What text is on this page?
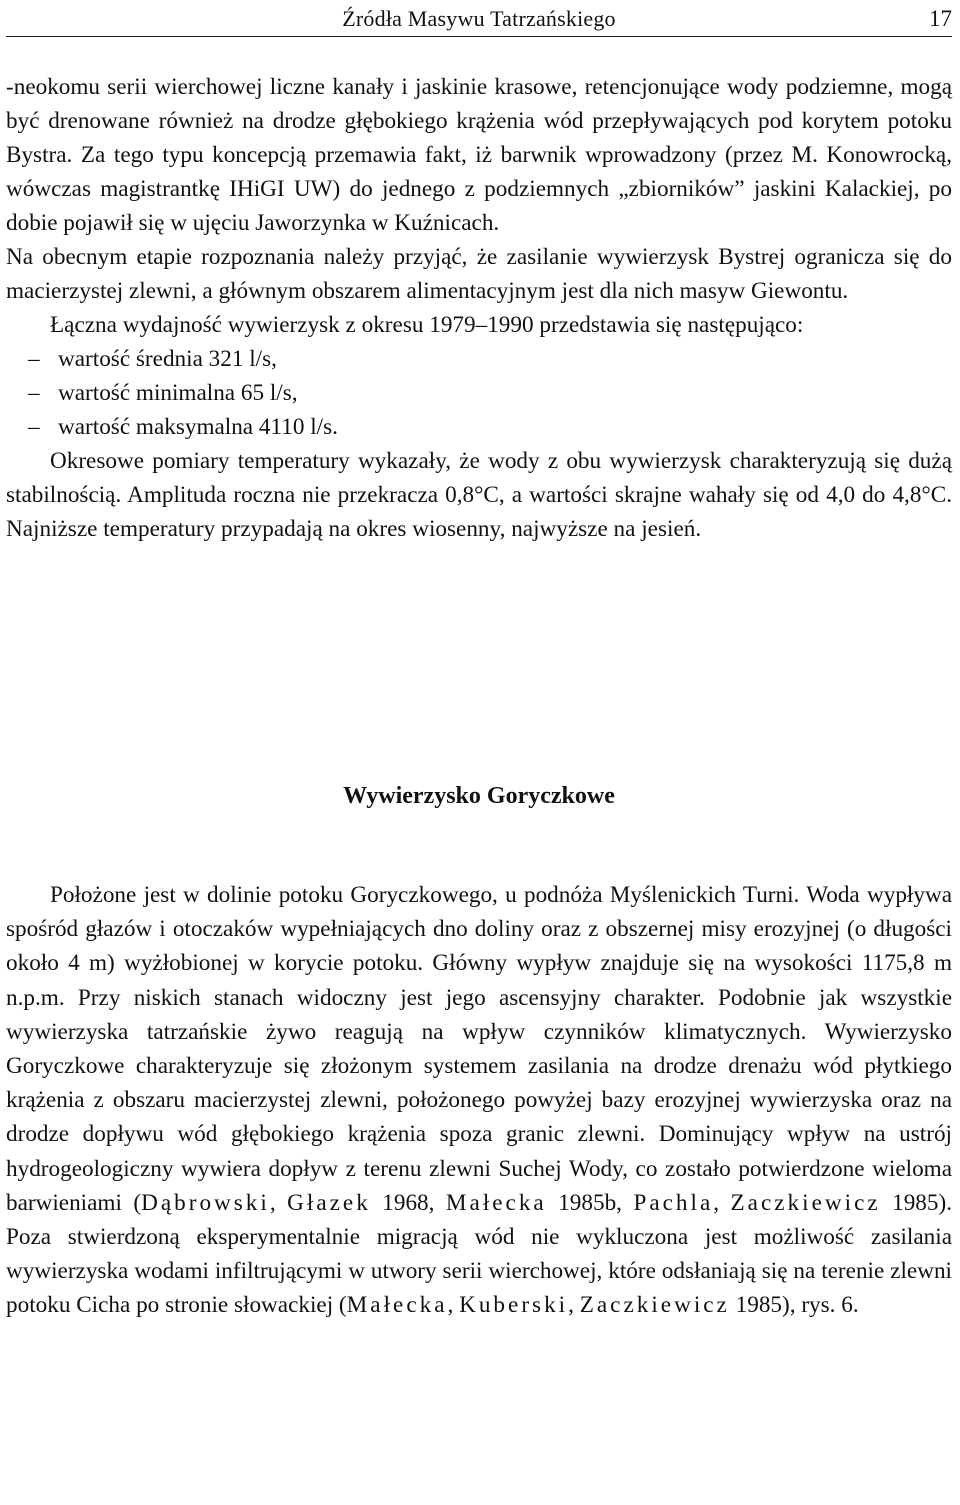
Źródła Masywu Tatrzańskiego	17

-neokomu serii wierchowej liczne kanały i jaskinie krasowe, retencjonujące wody podziemne, mogą być drenowane również na drodze głębokiego krążenia wód przepływających pod korytem potoku Bystra. Za tego typu koncepcją przemawia fakt, iż barwnik wprowadzony (przez M. Konowrocką, wówczas magistrantkę IHiGI UW) do jednego z podziemnych „zbiorników” jaskini Kalackiej, po dobie pojawił się w ujęciu Jaworzynka w Kuźnicach.

Na obecnym etapie rozpoznania należy przyjąć, że zasilanie wywierzysk Bystrej ogranicza się do macierzystej zlewni, a głównym obszarem alimentacyjnym jest dla nich masyw Giewontu.

Łączna wydajność wywierzysk z okresu 1979–1990 przedstawia się następująco:

– wartość średnia 321 l/s,
– wartość minimalna 65 l/s,
– wartość maksymalna 4110 l/s.

Okresowe pomiary temperatury wykazały, że wody z obu wywierzysk charakteryzują się dużą stabilnością. Amplituda roczna nie przekracza 0,8°C, a wartości skrajne wahały się od 4,0 do 4,8°C. Najniższe temperatury przypadają na okres wiosenny, najwyższe na jesień.

Wywierzysko Goryczkowe

Położone jest w dolinie potoku Goryczkowego, u podnóża Myślenickich Turni. Woda wypływa spośród głazów i otoczaków wypełniających dno doliny oraz z obszernej misy erozyjnej (o długości około 4 m) wyżłobionej w korycie potoku. Główny wypływ znajduje się na wysokości 1175,8 m n.p.m. Przy niskich stanach widoczny jest jego ascensyjny charakter. Podobnie jak wszystkie wywierzyska tatrzańskie żywo reagują na wpływ czynników klimatycznych. Wywierzysko Goryczkowe charakteryzuje się złożonym systemem zasilania na drodze drenażu wód płytkiego krążenia z obszaru macierzystej zlewni, położonego powyżej bazy erozyjnej wywierzyska oraz na drodze dopływu wód głębokiego krążenia spoza granic zlewni. Dominujący wpływ na ustrój hydrogeologiczny wywiera dopływ z terenu zlewni Suchej Wody, co zostało potwierdzone wieloma barwieniami (Dąbrowski, Głazek 1968, Małecka 1985b, Pachla, Zaczkiewicz 1985). Poza stwierdzoną eksperymentalnie migracją wód nie wykluczona jest możliwość zasilania wywierzyska wodami infiltrującymi w utwory serii wierchowej, które odsłaniają się na terenie zlewni potoku Cicha po stronie słowackiej (Małecka, Kuberski, Zaczkiewicz 1985), rys. 6.
